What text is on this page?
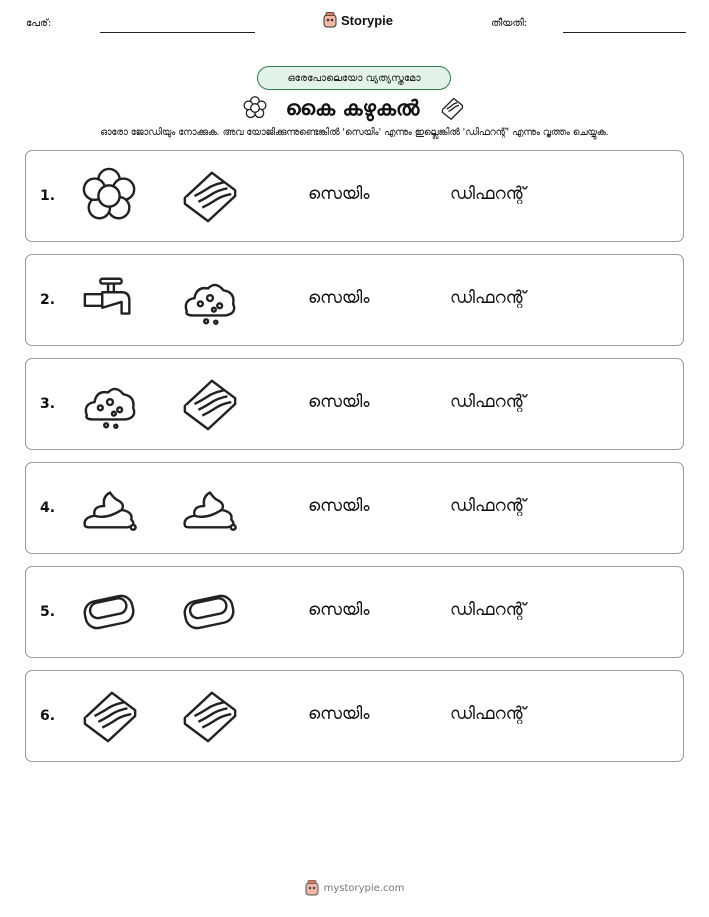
പേര്:	Storypie	തീയതി:
ഒരേപോലെയോ വ്യത്യസ്തമോ
കൈ കഴുകൽ
ഓരോ ജോഡിയും നോക്കുക. അവ യോജിക്കുന്നുണ്ടെങ്കിൽ 'സെയിം' എന്നും ഇല്ലെങ്കിൽ 'ഡിഫറന്റ്' എന്നും വൃത്തം ചെയ്യുക.
1.	സെയിം	ഡിഫറന്റ്
2.	സെയിം	ഡിഫറന്റ്
3.	സെയിം	ഡിഫറന്റ്
4.	സെയിം	ഡിഫറന്റ്
5.	സെയിം	ഡിഫറന്റ്
6.	സെയിം	ഡിഫറന്റ്
mystorypie.com
